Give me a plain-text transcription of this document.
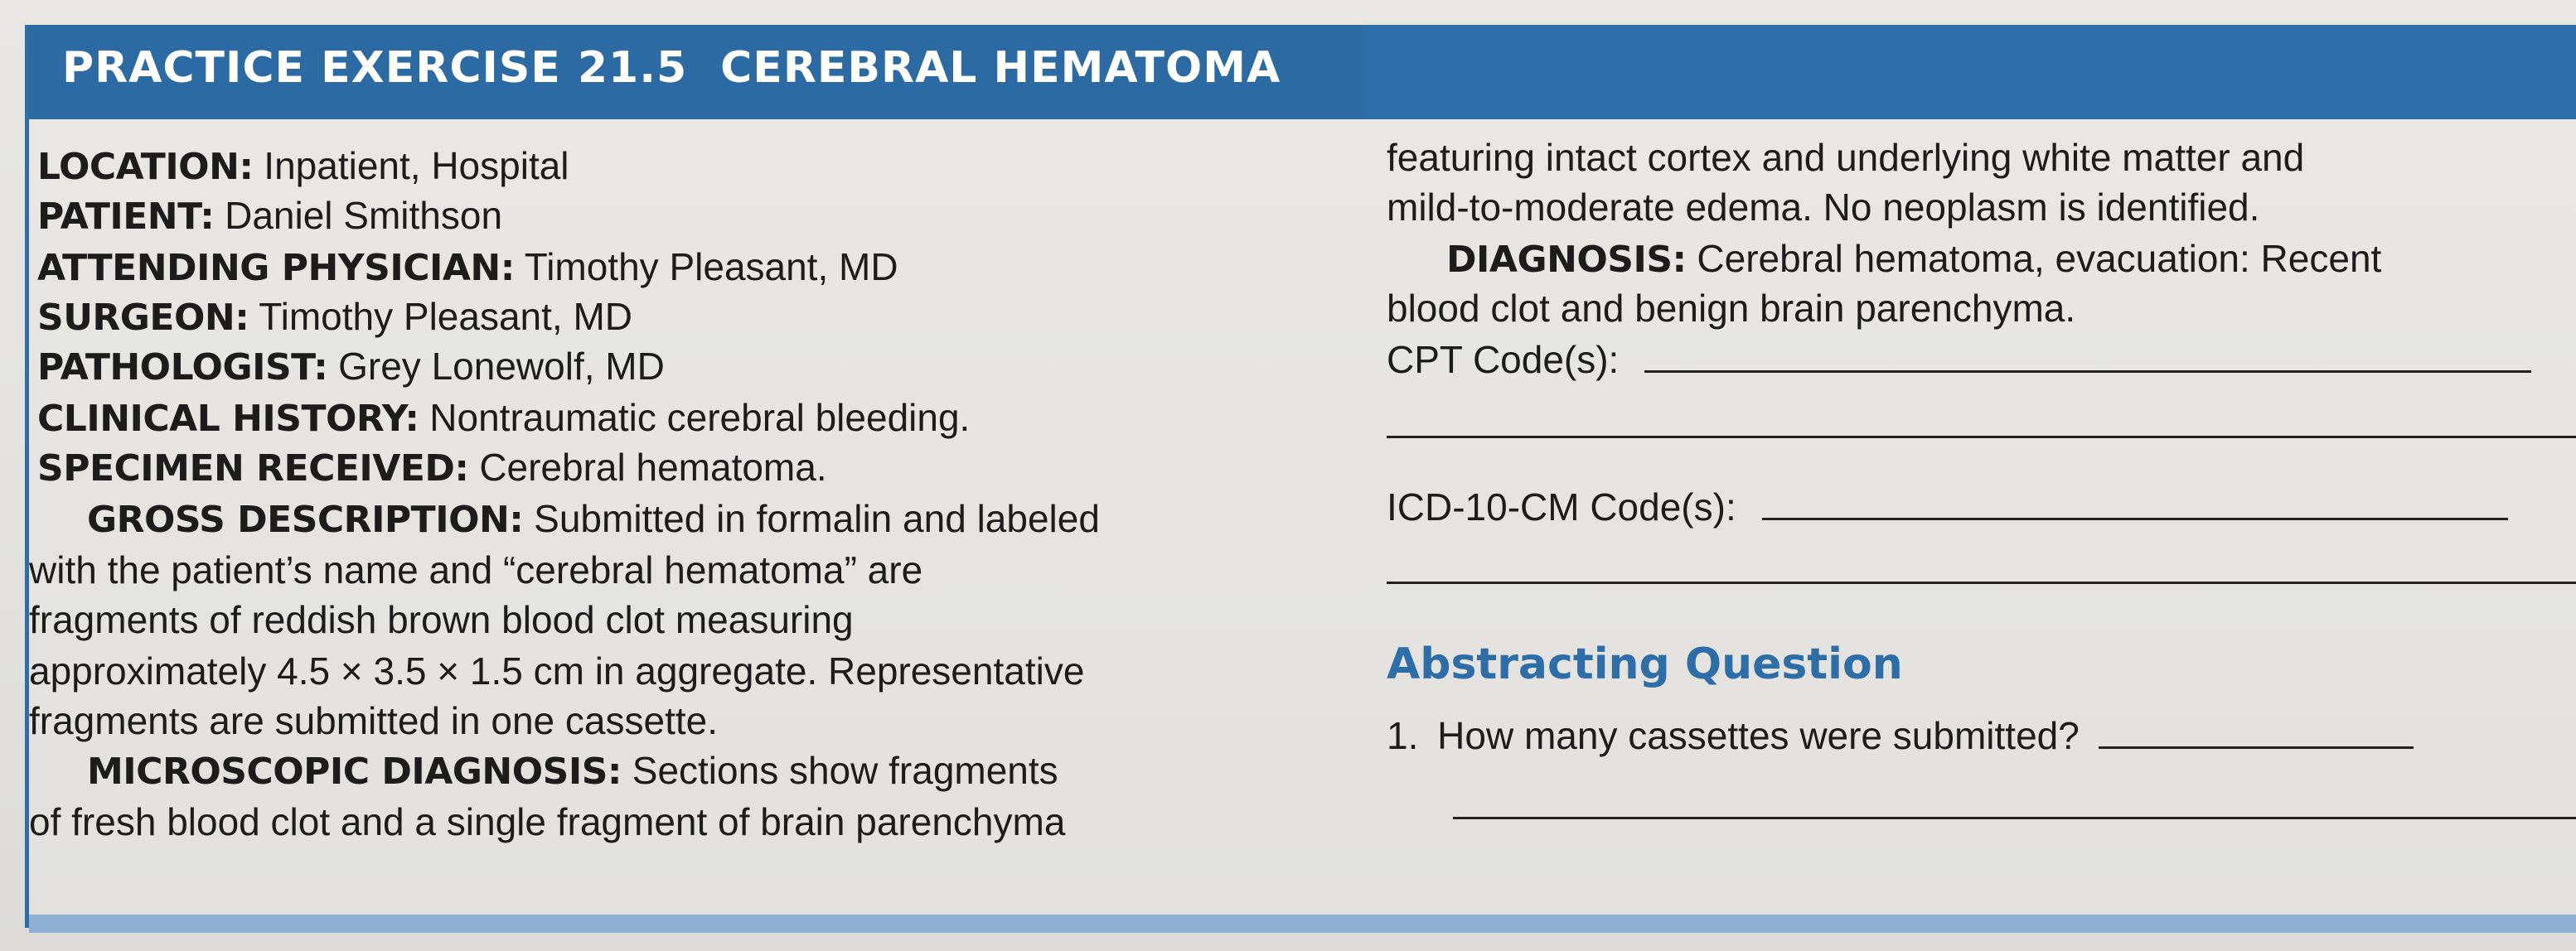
PRACTICE EXERCISE 21.5 CEREBRAL HEMATOMA
LOCATION: Inpatient, Hospital
PATIENT: Daniel Smithson
ATTENDING PHYSICIAN: Timothy Pleasant, MD
SURGEON: Timothy Pleasant, MD
PATHOLOGIST: Grey Lonewolf, MD
CLINICAL HISTORY: Nontraumatic cerebral bleeding.
SPECIMEN RECEIVED: Cerebral hematoma.
GROSS DESCRIPTION: Submitted in formalin and labeled
with the patient’s name and “cerebral hematoma” are
fragments of reddish brown blood clot measuring
approximately 4.5 × 3.5 × 1.5 cm in aggregate. Representative
fragments are submitted in one cassette.
MICROSCOPIC DIAGNOSIS: Sections show fragments
of fresh blood clot and a single fragment of brain parenchyma
featuring intact cortex and underlying white matter and
mild-to-moderate edema. No neoplasm is identified.
DIAGNOSIS: Cerebral hematoma, evacuation: Recent
blood clot and benign brain parenchyma.
CPT Code(s):
ICD-10-CM Code(s):
Abstracting Question
1. How many cassettes were submitted?
